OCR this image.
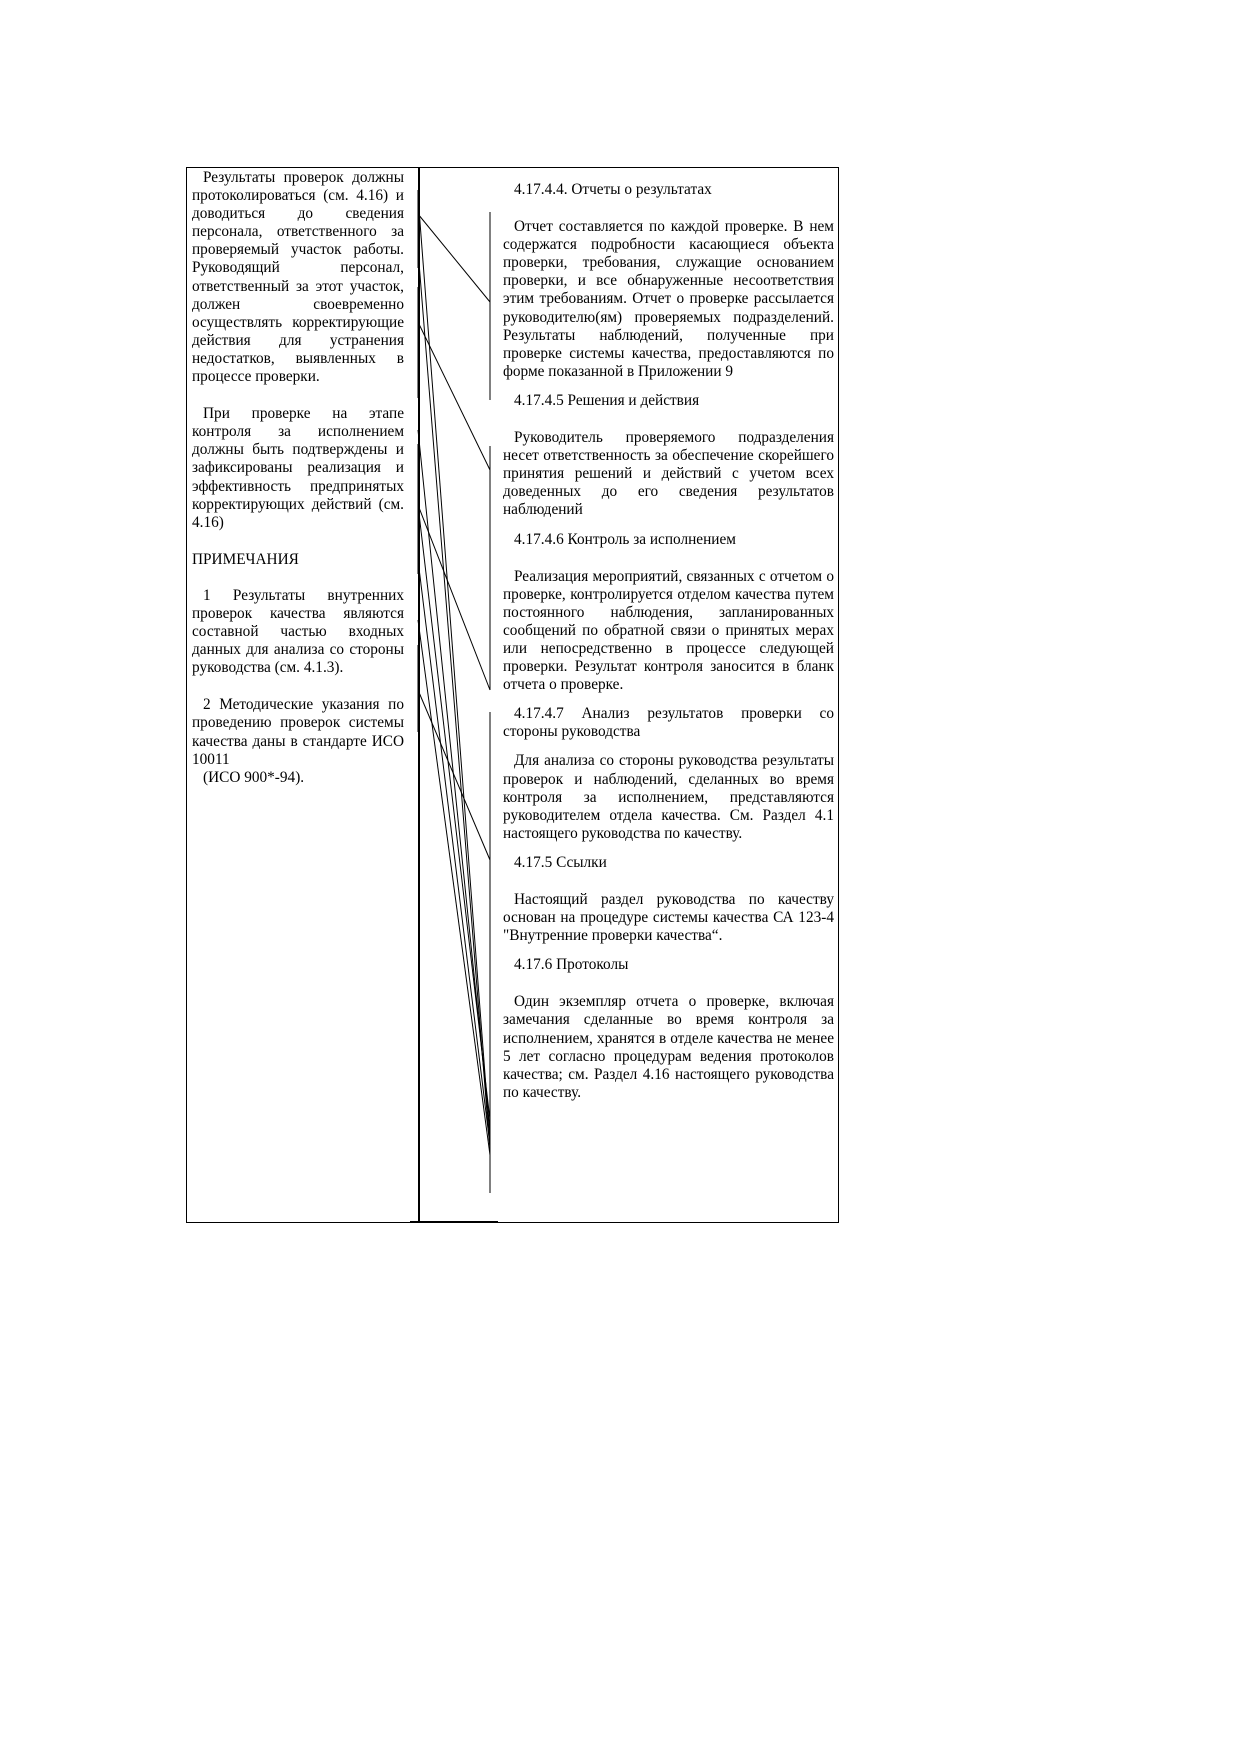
Результаты проверок должны протоколироваться (см. 4.16) и доводиться до сведения персонала, ответственного за проверяемый участок работы. Руководящий персонал, ответственный за этот участок, должен своевременно осуществлять корректирующие действия для устранения недостатков, выявленных в процессе проверки.

При проверке на этапе контроля за исполнением должны быть подтверждены и зафиксированы реализация и эффективность предпринятых корректирующих действий (см. 4.16)

ПРИМЕЧАНИЯ

1 Результаты внутренних проверок качества являются составной частью входных данных для анализа со стороны руководства (см. 4.1.3).

2 Методические указания по проведению проверок системы качества даны в стандарте ИСО 10011

(ИСО 900*-94).

4.17.4.4. Отчеты о результатах

Отчет составляется по каждой проверке. В нем содержатся подробности касающиеся объекта проверки, требования, служащие основанием проверки, и все обнаруженные несоответствия этим требованиям. Отчет о проверке рассылается руководителю(ям) проверяемых подразделений. Результаты наблюдений, полученные при проверке системы качества, предоставляются по форме показанной в Приложении 9

4.17.4.5 Решения и действия

Руководитель проверяемого подразделения несет ответственность за обеспечение скорейшего принятия решений и действий с учетом всех доведенных до его сведения результатов наблюдений

4.17.4.6 Контроль за исполнением

Реализация мероприятий, связанных с отчетом о проверке, контролируется отделом качества путем постоянного наблюдения, запланированных сообщений по обратной связи о принятых мерах или непосредственно в процессе следующей проверки. Результат контроля заносится в бланк отчета о проверке.

4.17.4.7 Анализ результатов проверки со стороны руководства

Для анализа со стороны руководства результаты проверок и наблюдений, сделанных во время контроля за исполнением, представляются руководителем отдела качества. См. Раздел 4.1 настоящего руководства по качеству.

4.17.5 Ссылки

Настоящий раздел руководства по качеству основан на процедуре системы качества СА 123-4 "Внутренние проверки качества“.

4.17.6 Протоколы

Один экземпляр отчета о проверке, включая замечания сделанные во время контроля за исполнением, хранятся в отделе качества не менее 5 лет согласно процедурам ведения протоколов качества; см. Раздел 4.16 настоящего руководства по качеству.
